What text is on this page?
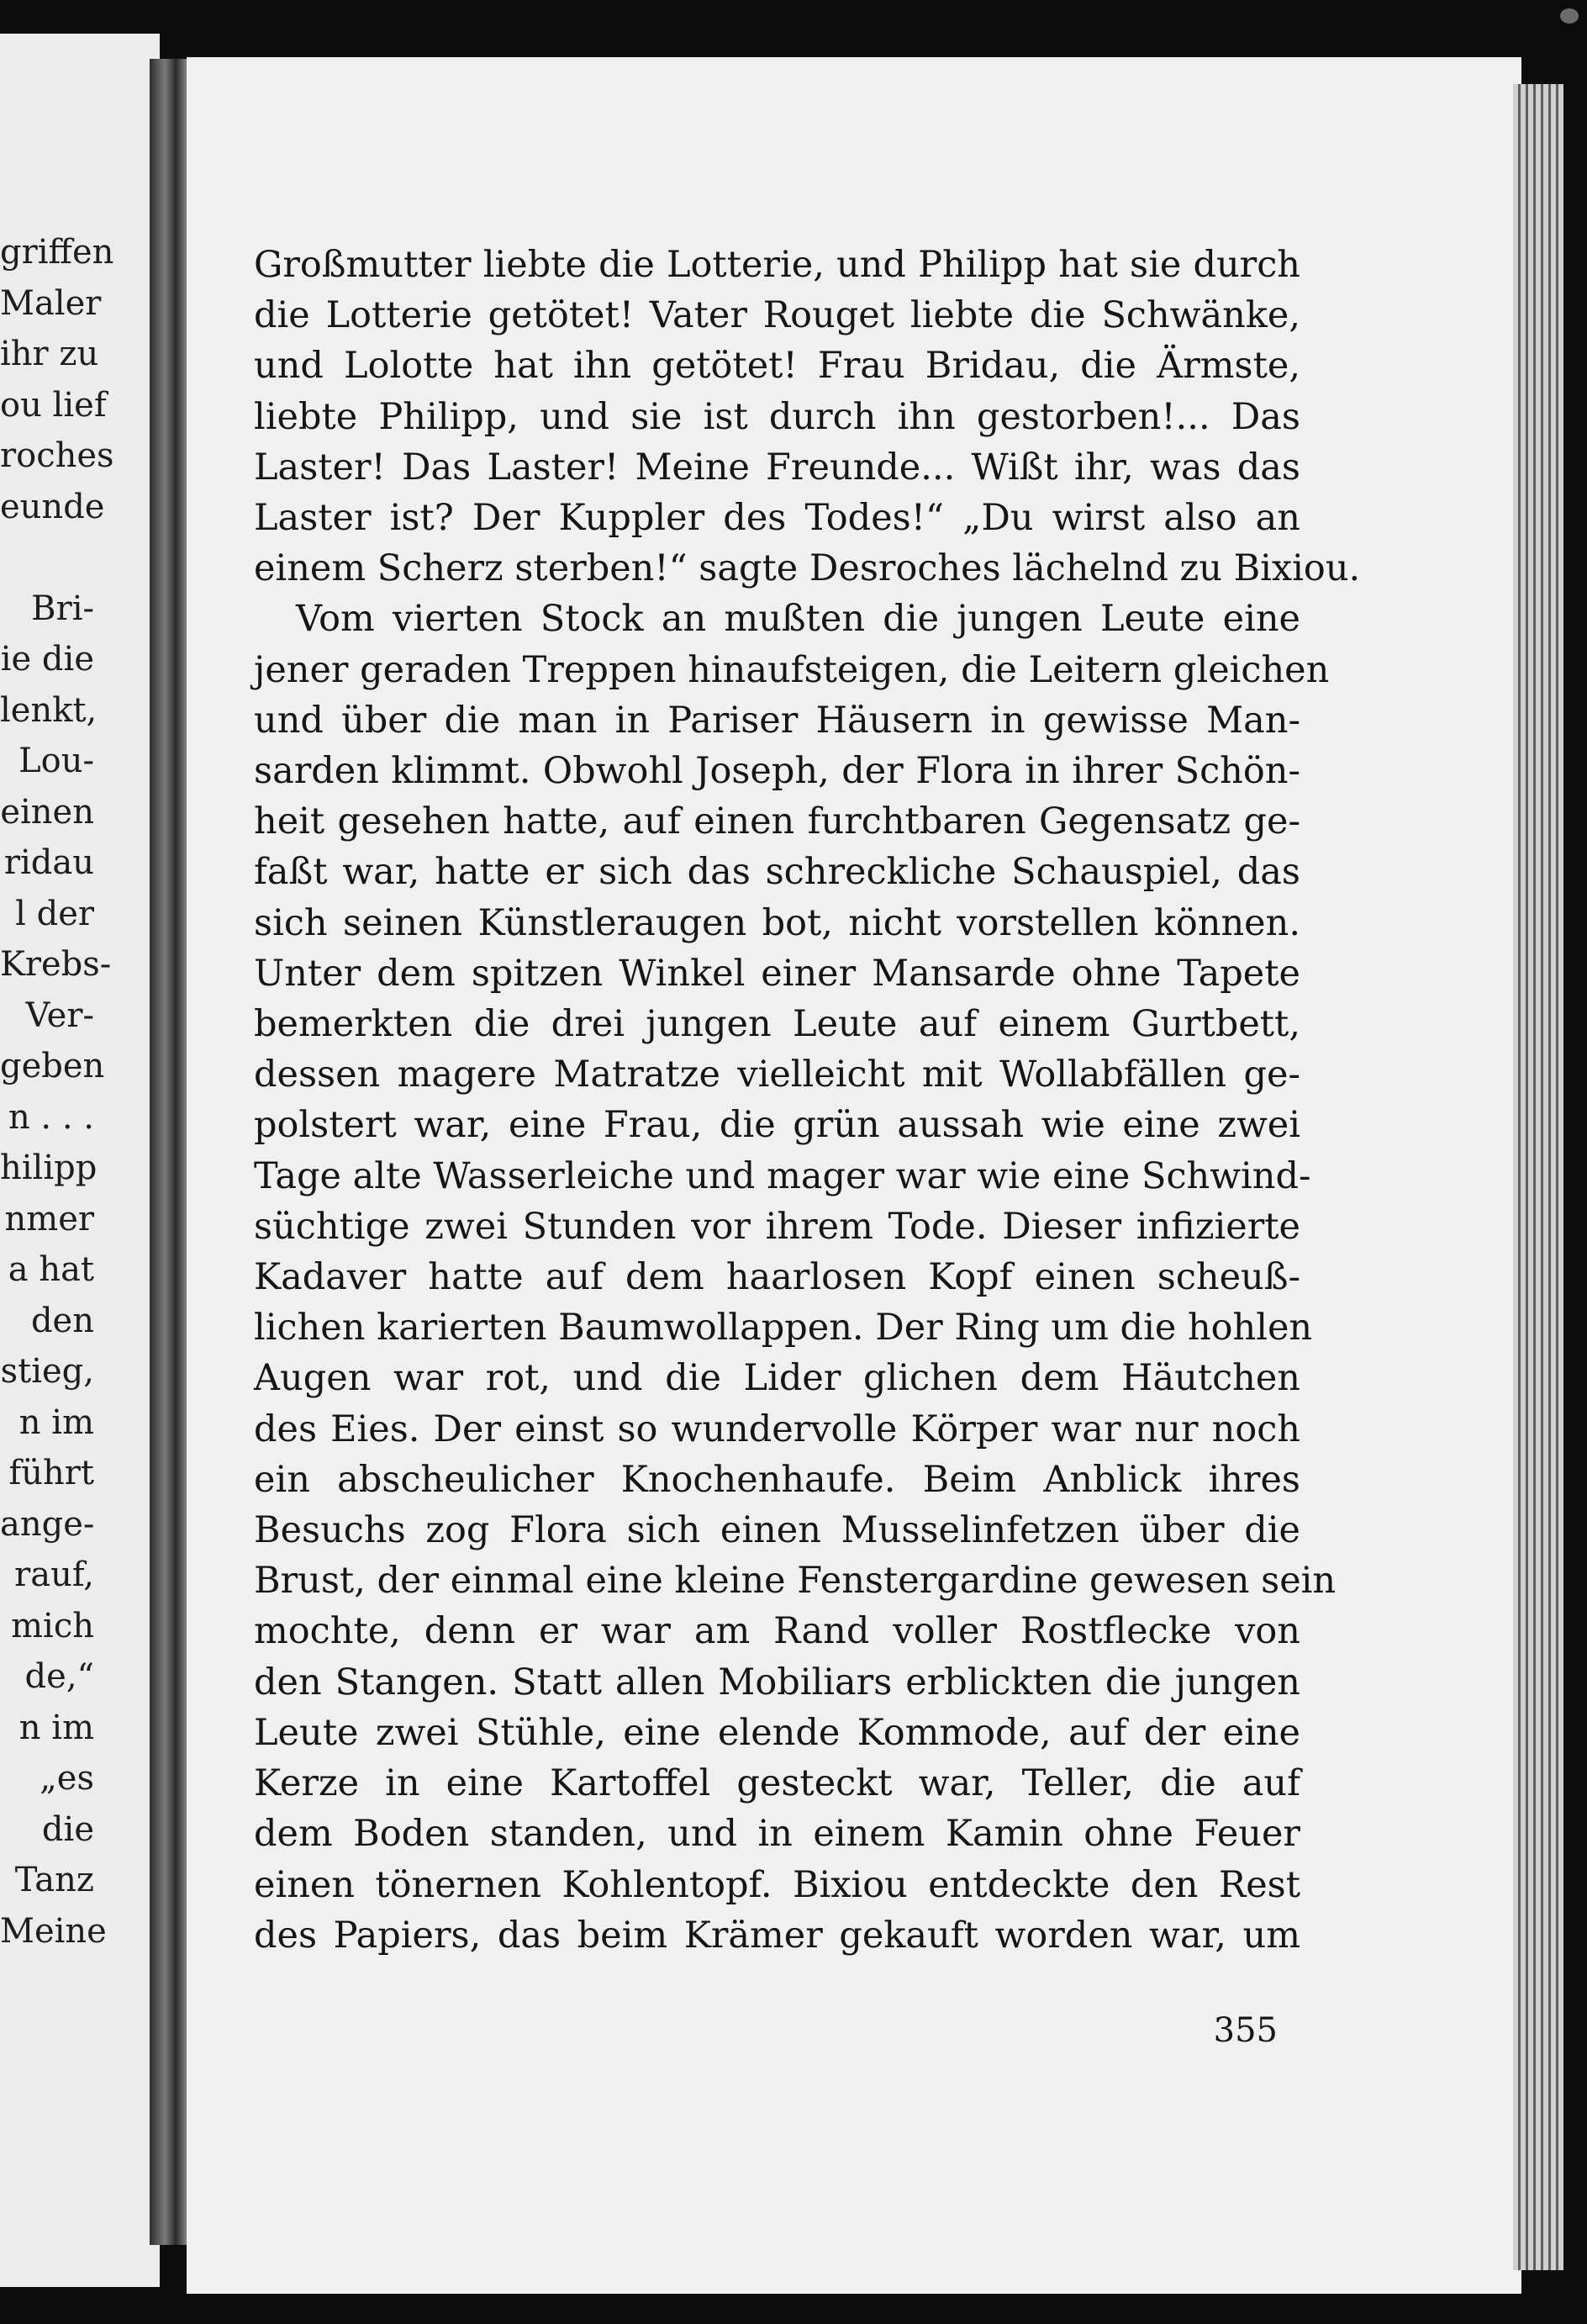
griffen
Maler
ihr zu
ou lief
roches
eunde

Bri-
ie die
lenkt,
Lou-
einen
ridau
l der
Krebs-
Ver-
geben
n . . .
hilipp
nmer
a hat
den
stieg,
n im
führt
ange-
rauf,
mich
de,“
n im
„es
die
Tanz
Meine
Großmutter liebte die Lotterie, und Philipp hat sie durch
die Lotterie getötet! Vater Rouget liebte die Schwänke,
und Lolotte hat ihn getötet! Frau Bridau, die Ärmste,
liebte Philipp, und sie ist durch ihn gestorben!... Das
Laster! Das Laster! Meine Freunde... Wißt ihr, was das
Laster ist? Der Kuppler des Todes!“ „Du wirst also an
einem Scherz sterben!“ sagte Desroches lächelnd zu Bixiou.
Vom vierten Stock an mußten die jungen Leute eine
jener geraden Treppen hinaufsteigen, die Leitern gleichen
und über die man in Pariser Häusern in gewisse Man-
sarden klimmt. Obwohl Joseph, der Flora in ihrer Schön-
heit gesehen hatte, auf einen furchtbaren Gegensatz ge-
faßt war, hatte er sich das schreckliche Schauspiel, das
sich seinen Künstleraugen bot, nicht vorstellen können.
Unter dem spitzen Winkel einer Mansarde ohne Tapete
bemerkten die drei jungen Leute auf einem Gurtbett,
dessen magere Matratze vielleicht mit Wollabfällen ge-
polstert war, eine Frau, die grün aussah wie eine zwei
Tage alte Wasserleiche und mager war wie eine Schwind-
süchtige zwei Stunden vor ihrem Tode. Dieser infizierte
Kadaver hatte auf dem haarlosen Kopf einen scheuß-
lichen karierten Baumwollappen. Der Ring um die hohlen
Augen war rot, und die Lider glichen dem Häutchen
des Eies. Der einst so wundervolle Körper war nur noch
ein abscheulicher Knochenhaufe. Beim Anblick ihres
Besuchs zog Flora sich einen Musselinfetzen über die
Brust, der einmal eine kleine Fenstergardine gewesen sein
mochte, denn er war am Rand voller Rostflecke von
den Stangen. Statt allen Mobiliars erblickten die jungen
Leute zwei Stühle, eine elende Kommode, auf der eine
Kerze in eine Kartoffel gesteckt war, Teller, die auf
dem Boden standen, und in einem Kamin ohne Feuer
einen tönernen Kohlentopf. Bixiou entdeckte den Rest
des Papiers, das beim Krämer gekauft worden war, um
355
